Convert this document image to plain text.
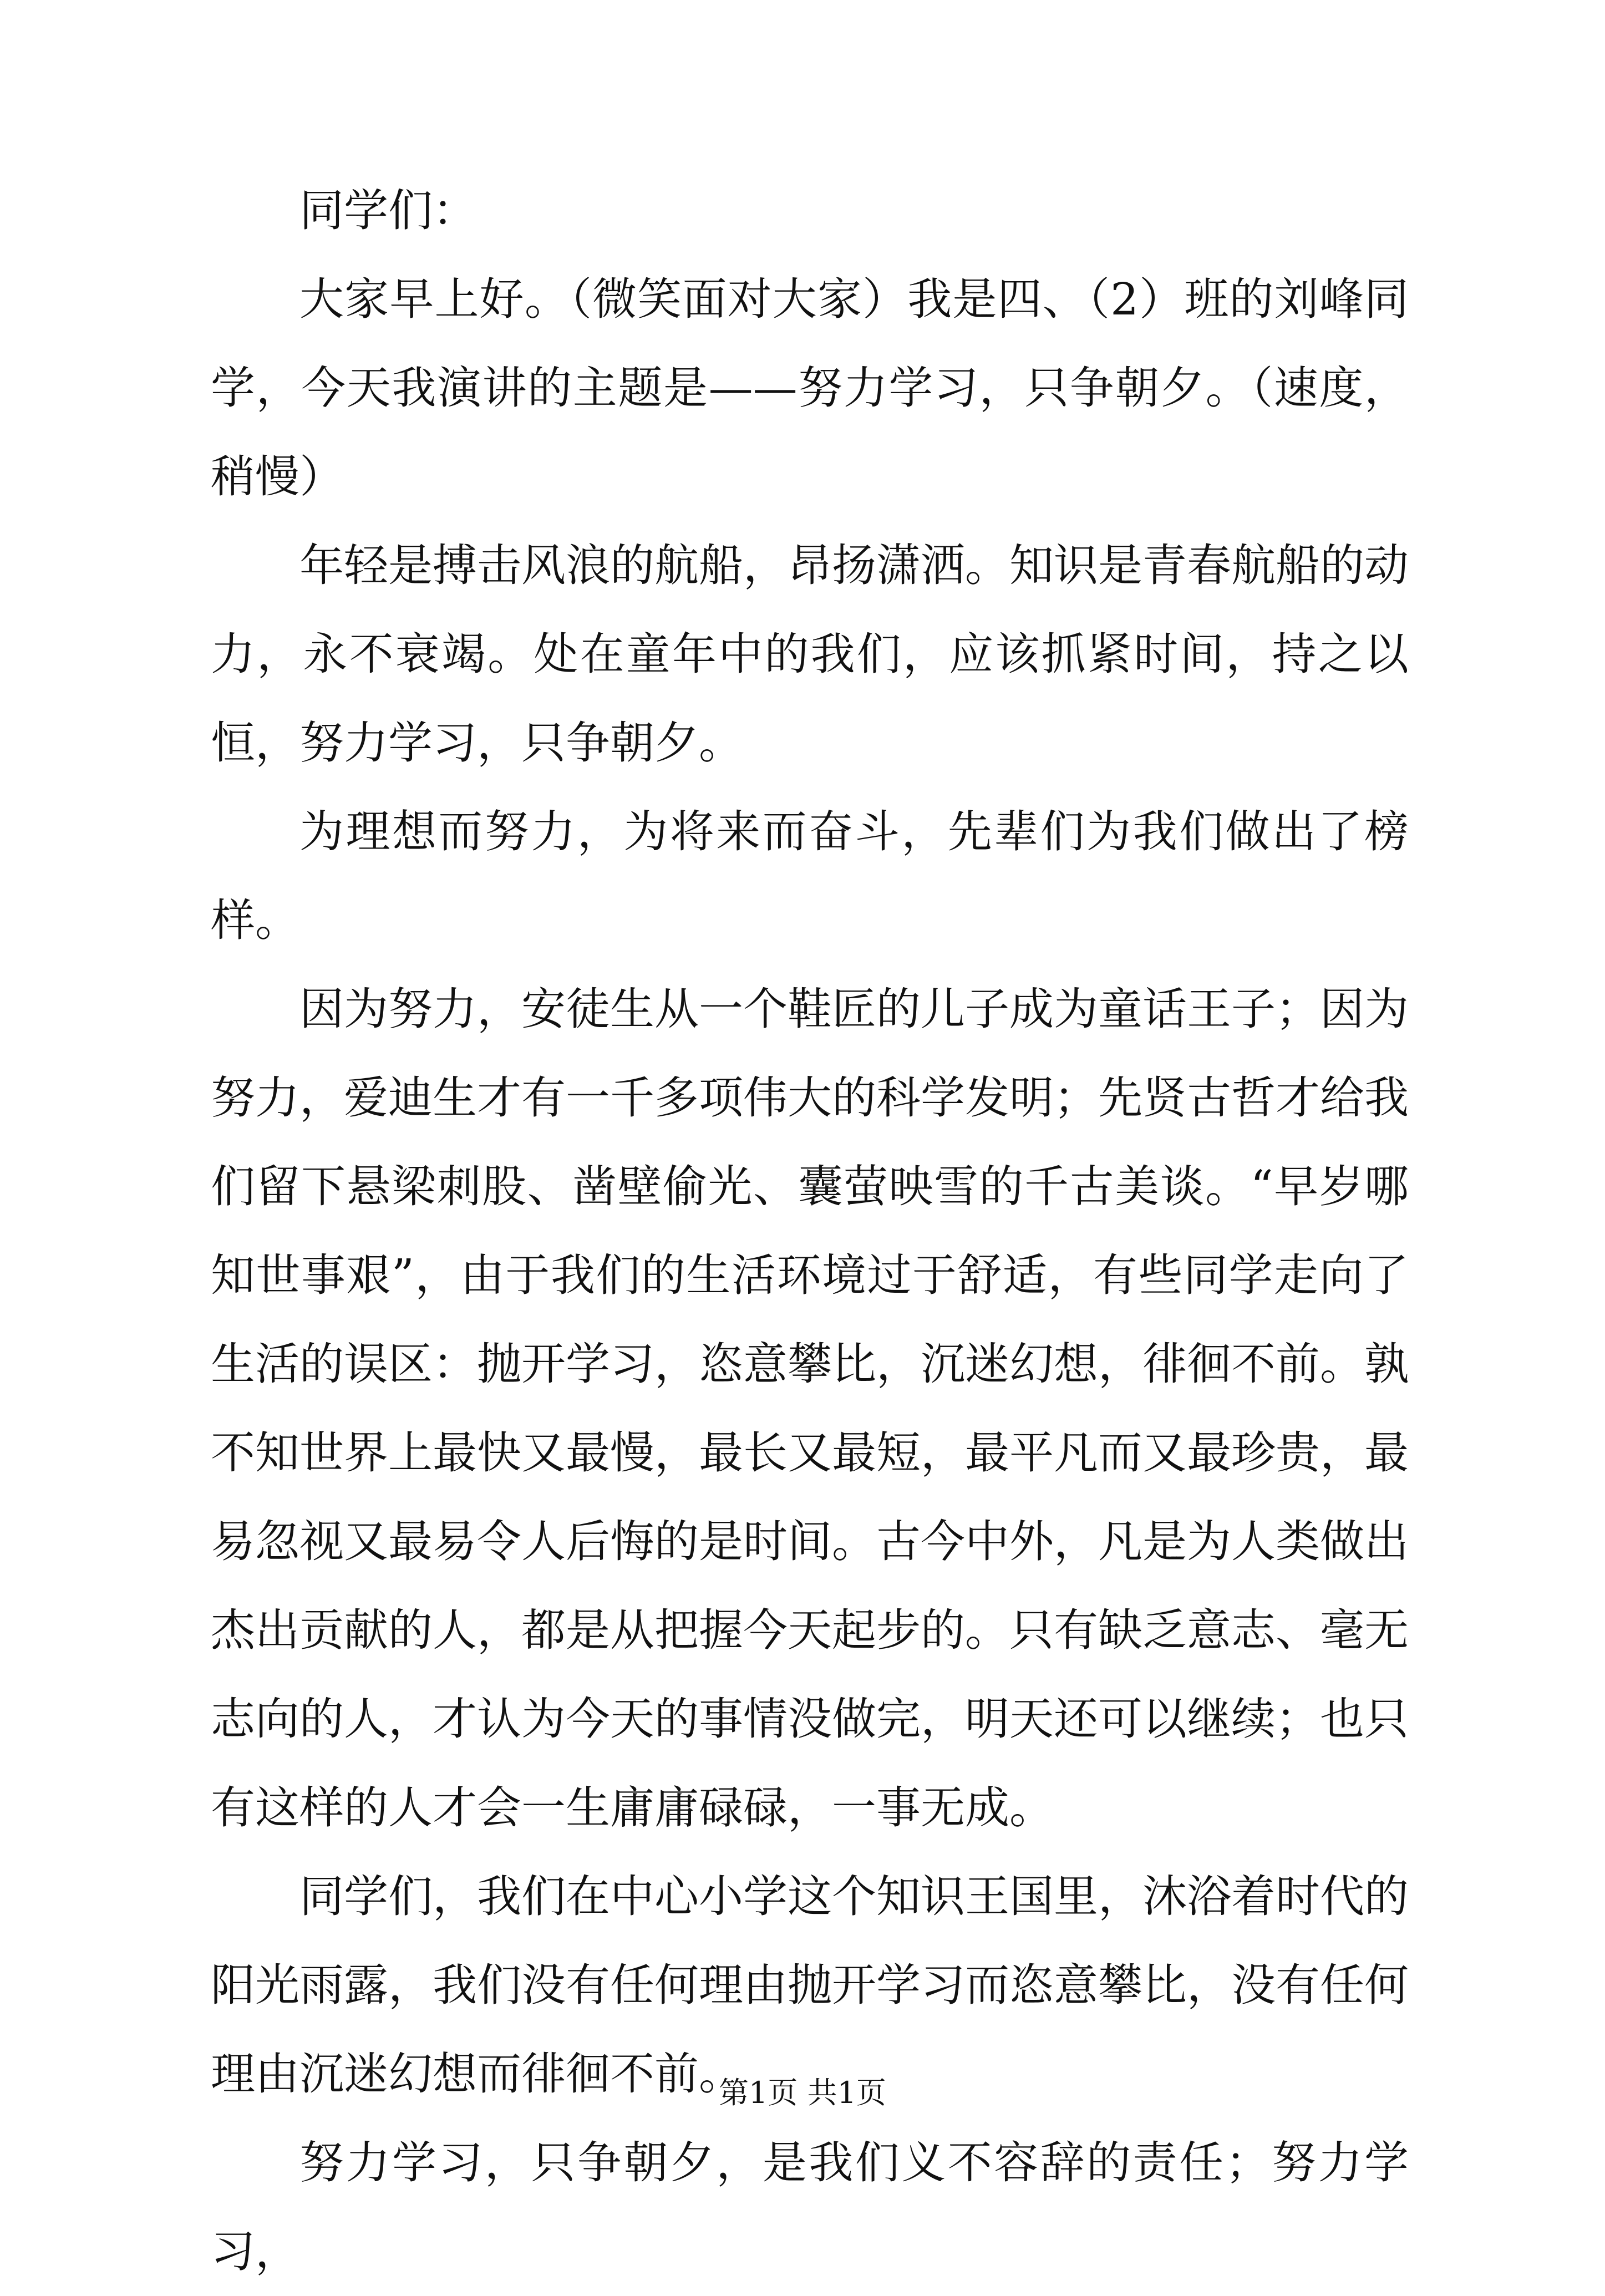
同学们：

大家早上好。（微笑面对大家）我是四、（2）班的刘峰同学，今天我演讲的主题是——努力学习，只争朝夕。（速度，稍慢）

年轻是搏击风浪的航船，昂扬潇洒。知识是青春航船的动力，永不衰竭。处在童年中的我们，应该抓紧时间，持之以恒，努力学习，只争朝夕。

为理想而努力，为将来而奋斗，先辈们为我们做出了榜样。

因为努力，安徒生从一个鞋匠的儿子成为童话王子；因为努力，爱迪生才有一千多项伟大的科学发明；先贤古哲才给我们留下悬梁刺股、凿壁偷光、囊萤映雪的千古美谈。“早岁哪知世事艰”，由于我们的生活环境过于舒适，有些同学走向了生活的误区：抛开学习，恣意攀比，沉迷幻想，徘徊不前。孰不知世界上最快又最慢，最长又最短，最平凡而又最珍贵，最易忽视又最易令人后悔的是时间。古今中外，凡是为人类做出杰出贡献的人，都是从把握今天起步的。只有缺乏意志、毫无志向的人，才认为今天的事情没做完，明天还可以继续；也只有这样的人才会一生庸庸碌碌，一事无成。

同学们，我们在中心小学这个知识王国里，沐浴着时代的阳光雨露，我们没有任何理由抛开学习而恣意攀比，没有任何理由沉迷幻想而徘徊不前。

努力学习，只争朝夕，是我们义不容辞的责任；努力学习，

第1页 共1页
